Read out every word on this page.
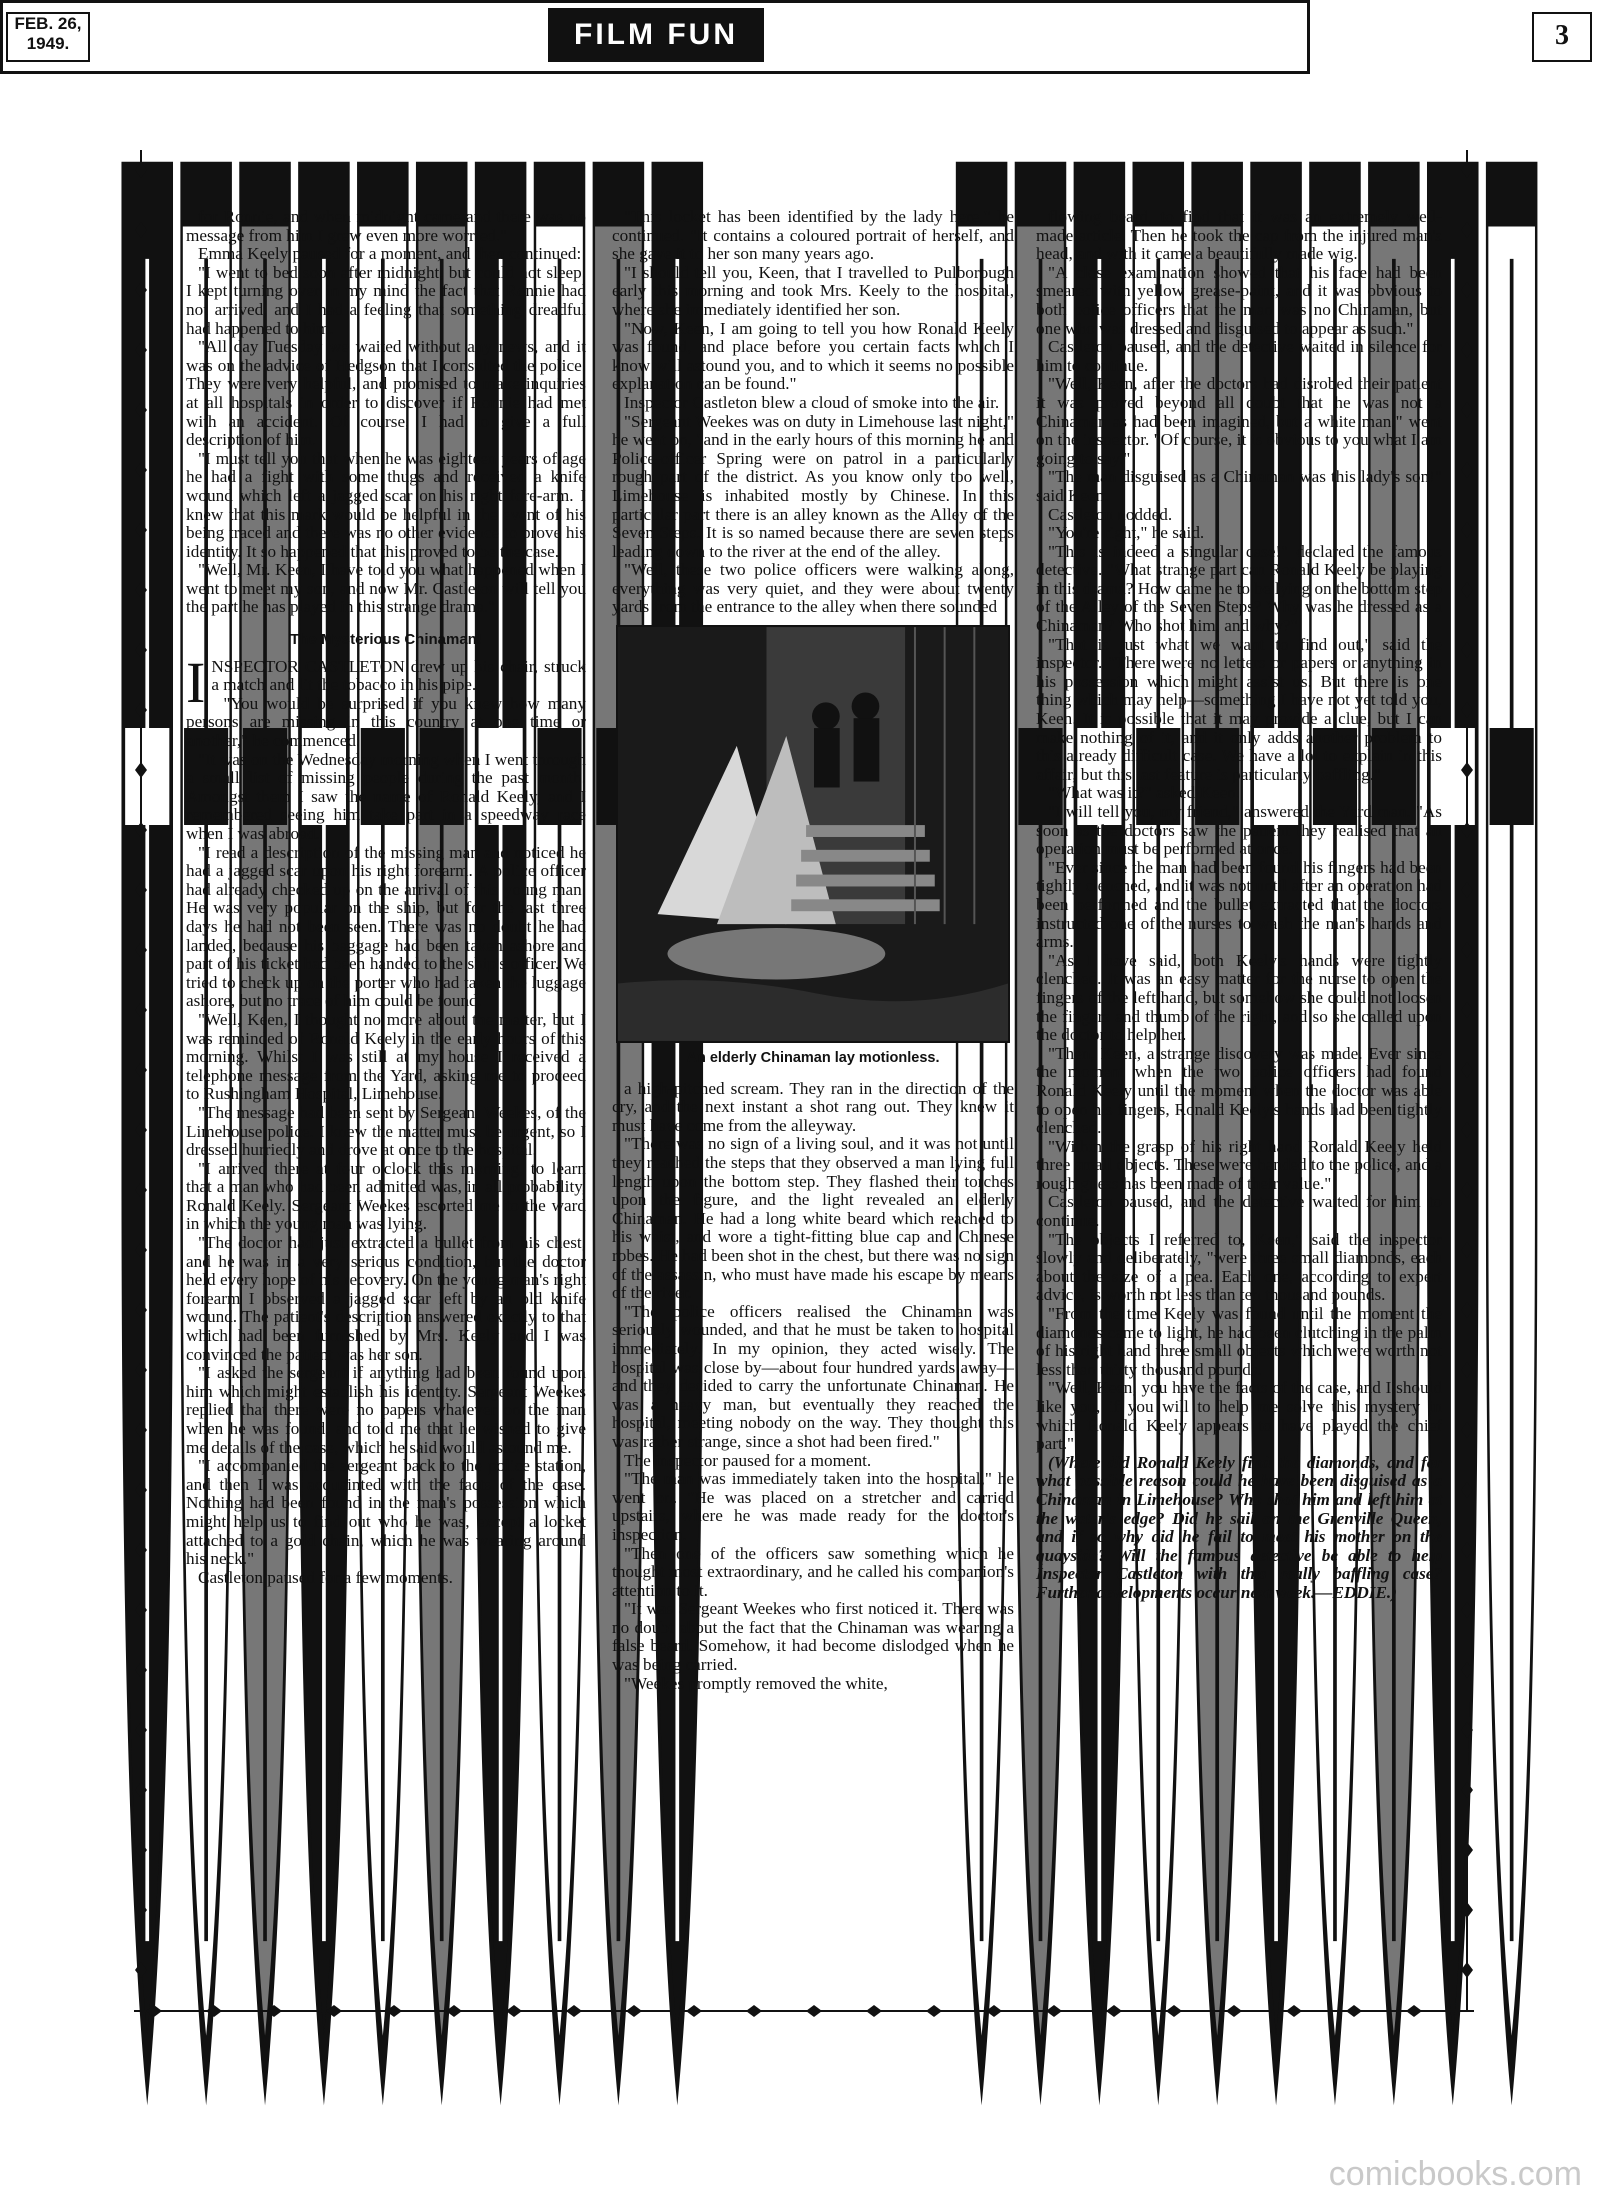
FEB. 26, 1949.	FILM FUN	3

for Ronnie, and when midnight came and there was no message from him I grew even more worried."

Emma Keely paused for a moment, and then continued:

"I went to bed soon after midnight, but could not sleep. I kept turning over in my mind the fact that Ronnie had not arrived, and I had a feeling that something dreadful had happened to him.

"All day Tuesday we waited without any news, and it was on the advice of Hedgson that I consulted the police. They were very helpful, and promised to make inquiries at all hospitals in order to discover if Ronnie had met with an accident. Of course, I had to give a full description of him.

"I must tell you that when he was eighteen years of age he had a fight with some thugs and received a knife wound which left a jagged scar on his right fore-arm. I knew that this mark would be helpful in the event of his being traced and there was no other evidence to prove his identity. It so happened that this proved to be the case.

"Well, Mr. Keen, I have told you what happened when I went to meet my son, and now Mr. Castleton will tell you the part he has played in this strange drama."

The Mysterious Chinaman!

INSPECTOR CASTLETON drew up his chair, struck a match and lit the tobacco in his pipe.

"You would be surprised if you knew how many persons are missing in this country at one time or another," he commenced.

"It was on the Wednesday morning when I went through a small list of missing people during the past month. Amongst them I saw the name of Ronald Keely, and I remembered seeing him take part in a speedway race when I was abroad.

"I read a description of the missing man and noticed he had a jagged scar upon his right forearm. A police officer had already checked up on the arrival of this young man. He was very popular on the ship, but for the last three days he had not been seen. There was no doubt he had landed, because his baggage had been taken ashore and part of his ticket had been handed to the ship's officer. We tried to check up on the porter who had taken the luggage ashore, but no trace of him could be found.

"Well, Keen, I thought no more about the matter, but I was reminded of Ronald Keely in the early hours of this morning. Whilst I was still at my house I received a telephone message from the Yard, asking me to proceed to Rushingham Hospital, Limehouse.

"The message had been sent by Sergeant Weekes, of the Limehouse police. I knew the matter must be urgent, so I dressed hurriedly and drove at once to the hospital.

"I arrived there at four o'clock this morning, to learn that a man who had been admitted was, in all probability, Ronald Keely. Sergeant Weekes escorted me to the ward in which the young man was lying.

"The doctor had just extracted a bullet from his chest, and he was in a very serious condition, but the doctor held every hope of his recovery. On the young man's right forearm I observed a jagged scar left by an old knife wound. The patient's description answered exactly to that which had been furnished by Mrs. Keely and I was convinced the patient was her son.

"I asked the sergeant if anything had been found upon him which might establish his identity. Sergeant Weekes replied that there were no papers whatever on the man when he was found, and told me that he wished to give me details of the case, which he said would astound me.

"I accompanied the sergeant back to the police station, and then I was acquainted with the facts of the case. Nothing had been found in the man's possession which might help us to find out who he was, except a locket attached to a gold chain, which he was wearing around his neck."

Castleton paused for a few moments.

"This locket has been identified by the lady here," he continued. "It contains a coloured portrait of herself, and she gave it to her son many years ago.

"I should tell you, Keen, that I travelled to Pulborough early this morning and took Mrs. Keely to the hospital, where she immediately identified her son.

"Now, Keen, I am going to tell you how Ronald Keely was found, and place before you certain facts which I know will astound you, and to which it seems no possible explanation can be found."

Inspector Castleton blew a cloud of smoke into the air.

"Sergeant Weekes was on duty in Limehouse last night," he went on, "and in the early hours of this morning he and Police-officer Spring were on patrol in a particularly rough part of the district. As you know only too well, Limehouse is inhabited mostly by Chinese. In this particular part there is an alley known as the Alley of the Seven Steps. It is so named because there are seven steps leading down to the river at the end of the alley.

"Well, these two police officers were walking along, everything was very quiet, and they were about twenty yards from the entrance to the alley when there sounded

An elderly Chinaman lay motionless.

a high-pitched scream. They ran in the direction of the cry, and the next instant a shot rang out. They knew it must have come from the alleyway.

"There was no sign of a living soul, and it was not until they reached the steps that they observed a man lying full length upon the bottom step. They flashed their torches upon the figure, and the light revealed an elderly Chinaman. He had a long white beard which reached to his waist, and wore a tight-fitting blue cap and Chinese robes. He had been shot in the chest, but there was no sign of the assassin, who must have made his escape by means of the river.

"The police officers realised the Chinaman was seriously wounded, and that he must be taken to hospital immediately. In my opinion, they acted wisely. The hospital was close by—about four hundred yards away—and they decided to carry the unfortunate Chinaman. He was a heavy man, but eventually they reached the hospital, meeting nobody on the way. They thought this was rather strange, since a shot had been fired."

The inspector paused for a moment.

"The man was immediately taken into the hospital," he went on. "He was placed on a stretcher and carried upstairs, where he was made ready for the doctor's inspection.

"Then one of the officers saw something which he thought most extraordinary, and he called his companion's attention to it.

"It was Sergeant Weekes who first noticed it. There was no doubt about the fact that the Chinaman was wearing a false beard. Somehow, it had become dislodged when he was being carried.

"Weekes promptly removed the white,

flowing beard, to find that it was an extremely well-made article. Then he took the cap from the injured man's head, and with it came a beautifully made wig.

"A close examination showed that his face had been smeared with yellow grease-paint, and it was obvious to both police officers that the man was no Chinaman, but one who was dressed and disguised to appear as such."

Castleton paused, and the detective waited in silence for him to continue.

"Well, Keen, after the doctors had disrobed their patient it was proved beyond all doubt that he was not a Chinaman as had been imagined, but a white man," went on the inspector. "Of course, it is obvious to you what I am going to say."

"The man disguised as a Chinaman was this lady's son!" said Keen.

Castleton nodded.

"You're right," he said.

"This is indeed a singular case!" declared the famous detective. "What strange part can Ronald Keely be playing in this drama? How came he to be lying on the bottom step of the Alley of the Seven Steps? Why was he dressed as a Chinaman? Who shot him, and why?"

"That is just what we want to find out," said the inspector. "There were no letters or papers or anything in his possession which might assist us. But there is one thing which may help—something I have not yet told you, Keen. It is possible that it may provide a clue, but I can make nothing of it, and it only adds another problem to this already difficult case. We have a lot to explain in this affair, but this last feature is particularly baffling."

"What was it?" asked Keen.

"I will tell you, my friend," answered the Yard man. "As soon as the doctors saw the patient they realised that an operation must be performed at once.

"Ever since the man had been found his fingers had been tightly clenched, and it was not until after an operation had been performed and the bullet extracted that the doctors instructed one of the nurses to wash the man's hands and arms.

"As I have said, both Keely's hands were tightly clenched. It was an easy matter for the nurse to open the fingers of the left hand, but somehow she could not loosen the fingers and thumb of the right, and so she called upon the doctor to help her.

"Then, Keen, a strange discovery was made. Ever since the moment when the two police officers had found Ronald Keely until the moment when the doctor was able to open his fingers, Ronald Keely's hands had been tightly clenched.

"Within the grasp of his right hand Ronald Keely held three small objects. These were handed to the police, and a rough guess has been made of their value."

Castleton paused, and the detective waited for him to continue.

"The objects I referred to, Keen," said the inspector slowly and deliberately, "were three small diamonds, each about the size of a pea. Each one, according to expert advice, is worth not less than ten thousand pounds.

"From the time Keely was found until the moment the diamonds came to light, he had been clutching in the palm of his right hand three small objects which were worth not less than thirty thousand pounds.

"Well, Keen, you have the facts of the case, and I should like you, if you will to help me solve this mystery in which Ronald Keely appears to have played the chief part."

(Where did Ronald Keely find the diamonds, and for what possible reason could he have been disguised as a Chinaman in Limehouse? Who shot him and left him at the water's edge? Did he sail on the Grenville Queen, and if so why did he fail to meet his mother on the quayside? Will the famous detective be able to help Inspector Castleton with this really baffling case? Further developments occur next week.—EDDIE.)

comicbooks.com
